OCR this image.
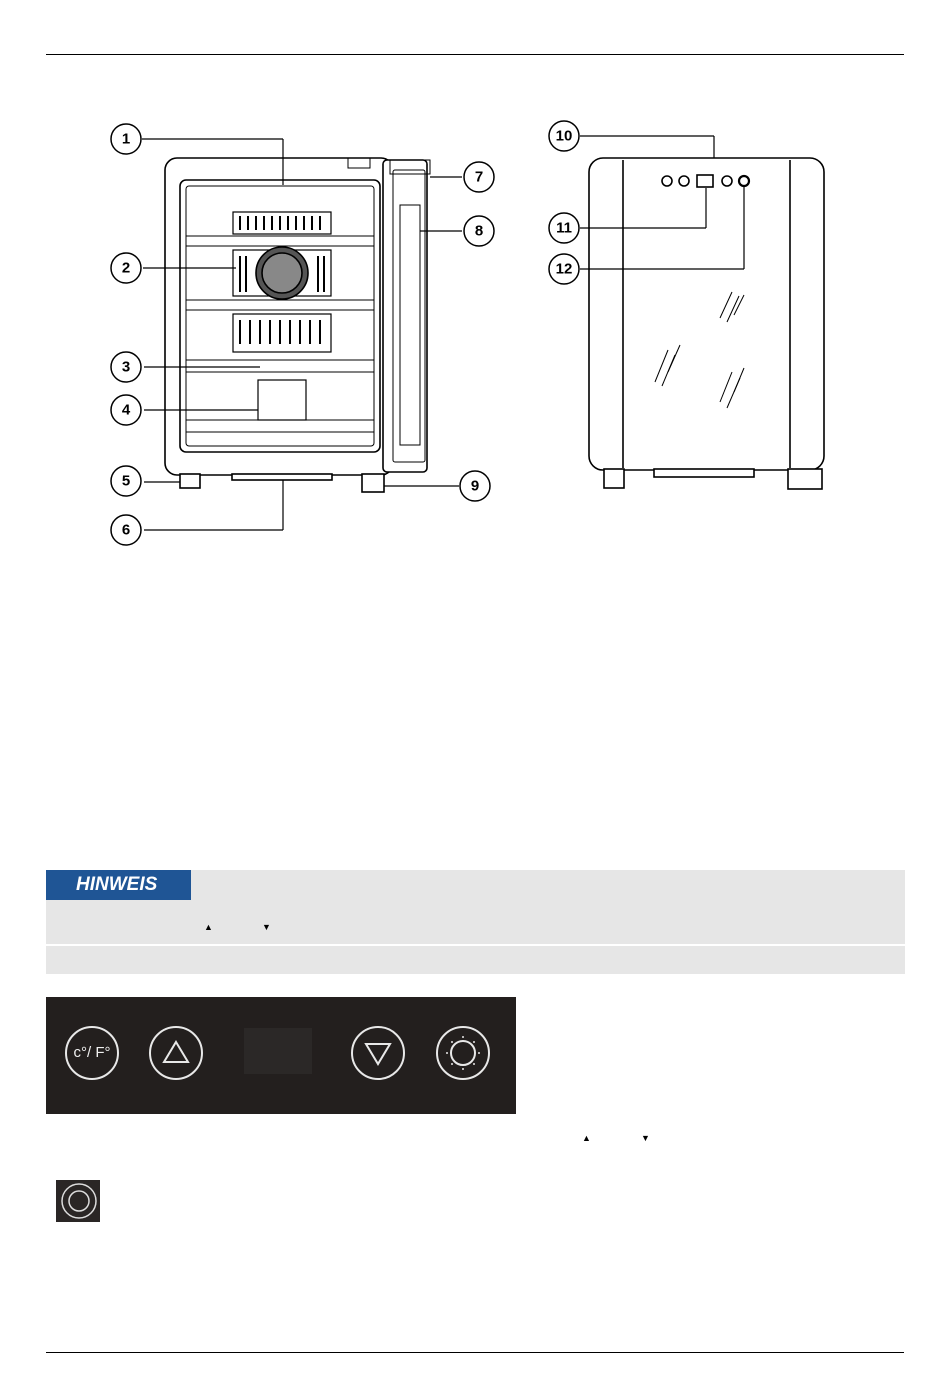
1
2
3
4
5
6
7
8
9
10
11
12
HINWEIS
▲	▼
c°/ F°
▲	▼
